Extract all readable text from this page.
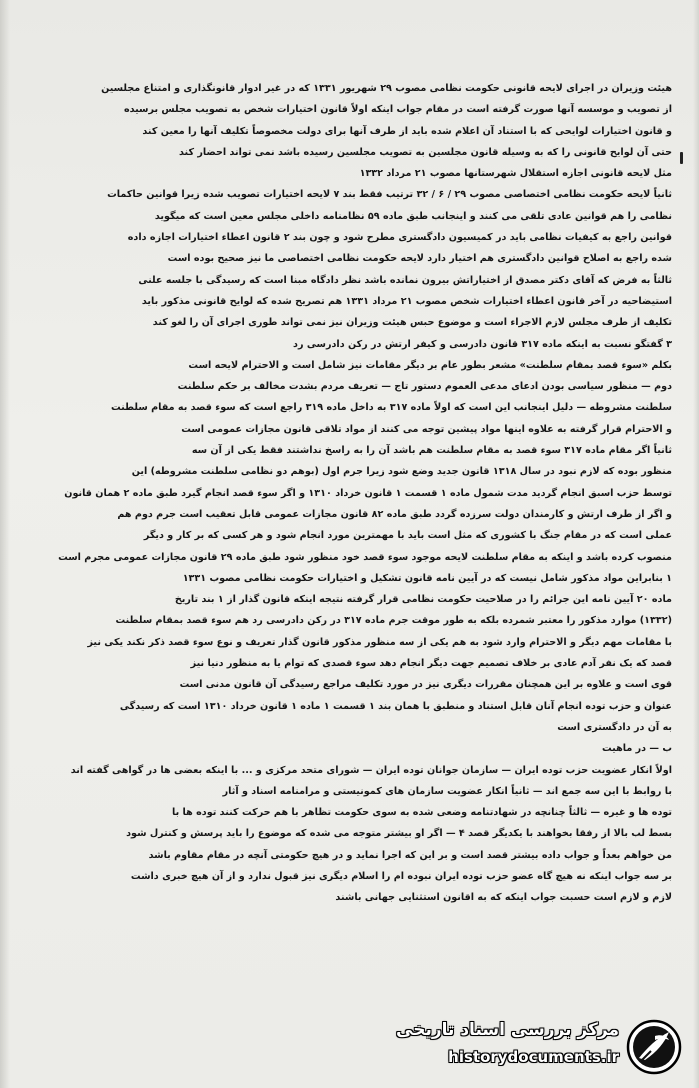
هیئت وزیران در اجرای لایحه قانونی حکومت نظامی مصوب ۲۹ شهریور ۱۳۳۱ که در غیر ادوار قانونگذاری و امتناع مجلسین
از تصویب و موسسه آنها صورت گرفته است در مقام جواب اینکه اولاً قانون اختیارات شخص به تصویب مجلس برسیده
و قانون اختیارات لوایحی که با استناد آن اعلام شده باید از طرف آنها برای دولت مخصوصاً تکلیف آنها را معین کند
حتی آن لوایح قانونی را که به وسیله قانون مجلسین به تصویب مجلسین رسیده باشد نمی تواند احضار کند
مثل لایحه قانونی اجازه استقلال شهرستانها مصوب ۲۱ مرداد ۱۳۳۲
ثانیاً لایحه حکومت نظامی اختصاصی مصوب ۲۹ / ۶ / ۳۲ ترتیب فقط بند ۷ لایحه اختیارات تصویب شده زیرا قوانین حاکمات
نظامی را هم قوانین عادی تلقی می کنند و اینجانب طبق ماده ۵۹ نظامنامه داخلی مجلس معین است که میگوید
قوانین راجع به کیفیات نظامی باید در کمیسیون دادگستری مطرح شود و چون بند ۲ قانون اعطاء اختیارات اجازه داده
شده راجع به اصلاح قوانین دادگستری هم اختیار دارد لایحه حکومت نظامی اختصاصی ما نیز صحیح بوده است
ثالثاً به فرض که آقای دکتر مصدق از اختیاراتش بیرون نمانده باشد نظر دادگاه مبنا است که رسیدگی با جلسه علنی
استیضاحیه در آخر قانون اعطاء اختیارات شخص مصوب ۲۱ مرداد ۱۳۳۱ هم تصریح شده که لوایح قانونی مذکور باید
تکلیف از طرف مجلس لازم الاجراء است و موضوع حبس هیئت وزیران نیز نمی تواند طوری اجرای آن را لغو کند
۳ گفتگو نسبت به اینکه ماده ۳۱۷ قانون دادرسی و کیفر ارتش در رکن دادرسی رد
بکلم «سوء قصد بمقام سلطنت» مشعر بطور عام بر دیگر مقامات نیز شامل است و الاحترام لایحه است
دوم — منظور سیاسی بودن ادعای مدعی العموم دستور تاج — تعریف مردم بشدت مخالف بر حکم سلطنت
سلطنت مشروطه — دلیل اینجانب این است که اولاً ماده ۳۱۷ به داخل ماده ۳۱۹ راجع است که سوء قصد به مقام سلطنت
و الاحترام قرار گرفته به علاوه اینها مواد پیشین توجه می کنند از مواد تلاقی قانون مجازات عمومی است
ثانیاً اگر مقام ماده ۳۱۷ سوء قصد به مقام سلطنت هم باشد آن را به راسخ نداشتند فقط یکی از آن سه
منظور بوده که لازم نبود در سال ۱۳۱۸ قانون جدید وضع شود زیرا جرم اول (بوهم دو نظامی سلطنت مشروطه) این
توسط حزب اسبق انجام گردید مدت شمول ماده ۱ قسمت ۱ قانون خرداد ۱۳۱۰ و اگر سوء قصد انجام گیرد طبق ماده ۲ همان قانون
و اگر از طرف ارتش و کارمندان دولت سرزده گردد طبق ماده ۸۲ قانون مجازات عمومی قابل تعقیب است جرم دوم هم
عملی است که در مقام جنگ با کشوری که مثل است باید با مهمترین مورد انجام شود و هر کسی که بر کار و دیگر
منصوب کرده باشد و اینکه به مقام سلطنت لایحه موجود سوء قصد خود منظور شود طبق ماده ۲۹ قانون مجازات عمومی مجرم است
۱ بنابراین مواد مذکور شامل نیست که در آیین نامه قانون تشکیل و اختیارات حکومت نظامی مصوب ۱۳۳۱
ماده ۲۰ آیین نامه این جرائم را در صلاحیت حکومت نظامی قرار گرفته نتیجه اینکه قانون گذار از ۱ بند تاریخ
(۱۳۳۲) موارد مذکور را معتبر شمرده بلکه به طور موقت جرم ماده ۳۱۷ در رکن دادرسی رد هم سوء قصد بمقام سلطنت
با مقامات مهم دیگر و الاحترام وارد شود به هم یکی از سه منظور مذکور قانون گذار تعریف و نوع سوء قصد ذکر نکند یکی نیز
قصد که یک نفر آدم عادی بر خلاف تصمیم جهت دیگر انجام دهد سوء قصدی که توام یا به منظور دنیا نیز
قوی است و علاوه بر این همچنان مقررات دیگری نیز در مورد تکلیف مراجع رسیدگی آن قانون مدنی است
عنوان و حزب توده انجام آنان قابل استناد و منطبق با همان بند ۱ قسمت ۱ ماده ۱ قانون خرداد ۱۳۱۰ است که رسیدگی
به آن در دادگستری است
ب — در ماهیت
اولاً انکار عضویت حزب توده ایران — سازمان جوانان توده ایران — شورای متحد مرکزی و ... با اینکه بعضی ها در گواهی گفته اند
با روابط با این سه جمع اند — ثانیاً انکار عضویت سازمان های کمونیستی و مرامنامه اسناد و آثار
توده ها و غیره — ثالثاً چنانچه در شهادتنامه وضعی شده به سوی حکومت تظاهر با هم حرکت کنند توده ها با
بسط لب بالا از رفقا بخواهند با یکدیگر قصد ۴ — اگر او بیشتر متوجه می شده که موضوع را باید پرسش و کنترل شود
من خواهم بعداً و جواب داده بیشتر قصد است و بر این که اجرا نماید و در هیچ حکومتی آنچه در مقام مقاوم باشد
بر سه جواب اینکه نه هیچ گاه عضو حزب توده ایران نبوده ام را اسلام دیگری نیز قبول ندارد و از آن هیچ خبری داشت
لازم و لازم است حسبت جواب اینکه که به اقانون استثنایی جهانی باشند
مرکز بررسی اسناد تاریخی
historydocuments.ir
